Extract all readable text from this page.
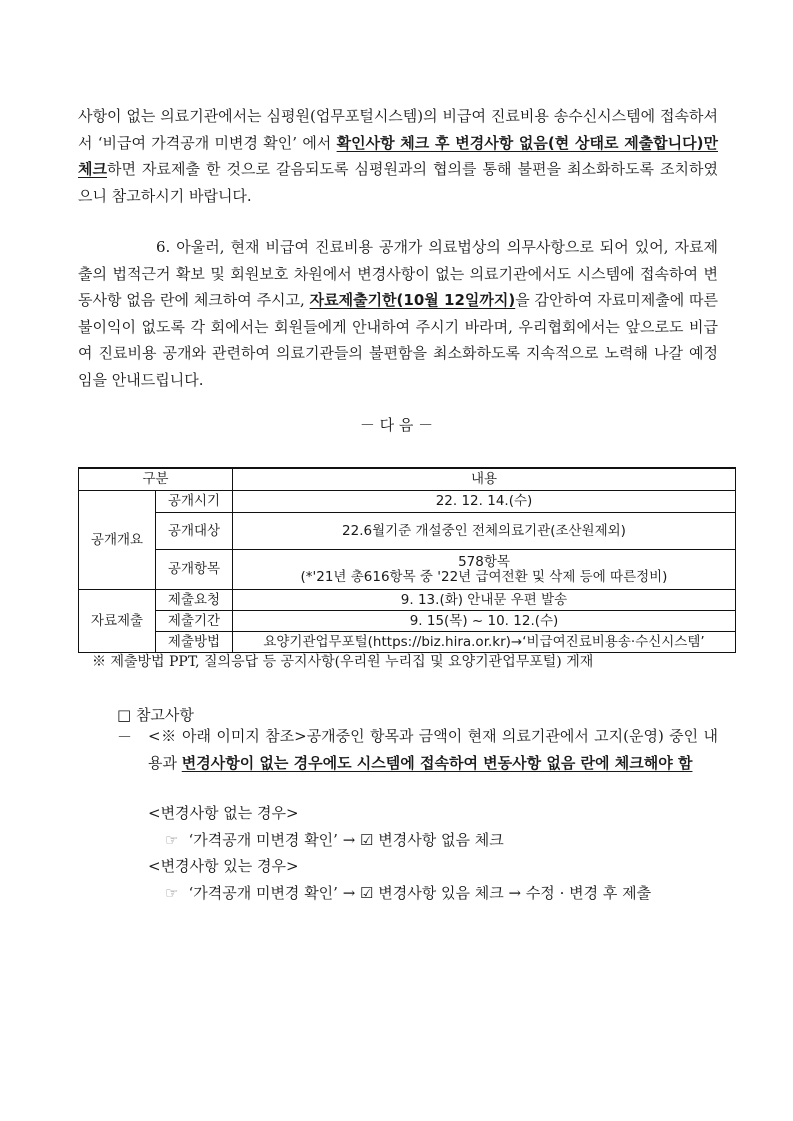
사항이 없는 의료기관에서는 심평원(업무포털시스템)의 비급여 진료비용 송수신시스템에 접속하셔서 ‘비급여 가격공개 미변경 확인’ 에서 확인사항 체크 후 변경사항 없음(현 상태로 제출합니다)만 체크하면 자료제출 한 것으로 갈음되도록 심평원과의 협의를 통해 불편을 최소화하도록 조치하였으니 참고하시기 바랍니다.
6. 아울러, 현재 비급여 진료비용 공개가 의료법상의 의무사항으로 되어 있어, 자료제출의 법적근거 확보 및 회원보호 차원에서 변경사항이 없는 의료기관에서도 시스템에 접속하여 변동사항 없음 란에 체크하여 주시고, 자료제출기한(10월 12일까지)을 감안하여 자료미제출에 따른 불이익이 없도록 각 회에서는 회원들에게 안내하여 주시기 바라며, 우리협회에서는 앞으로도 비급여 진료비용 공개와 관련하여 의료기관들의 불편함을 최소화하도록 지속적으로 노력해 나갈 예정임을 안내드립니다.
－ 다 음 －
구분		내용
공개개요	공개시기	22. 12. 14.(수)
	공개대상	22.6월기준 개설중인 전체의료기관(조산원제외)
	공개항목	578항목
(*'21년 총616항목 중 '22년 급여전환 및 삭제 등에 따른정비)

자료제출	제출요청	9. 13.(화) 안내문 우편 발송
	제출기간	9. 15(목) ~ 10. 12.(수)
	제출방법	요양기관업무포털(https://biz.hira.or.kr)→‘비급여진료비용송·수신시스템’
※ 제출방법 PPT, 질의응답 등 공지사항(우리원 누리집 및 요양기관업무포털) 게재
□ 참고사항
－ <※ 아래 이미지 참조>공개중인 항목과 금액이 현재 의료기관에서 고지(운영) 중인 내용과 변경사항이 없는 경우에도 시스템에 접속하여 변동사항 없음 란에 체크해야 함
<변경사항 없는 경우>
☞ ‘가격공개 미변경 확인’ → ☑ 변경사항 없음 체크
<변경사항 있는 경우>
☞ ‘가격공개 미변경 확인’ → ☑ 변경사항 있음 체크 → 수정 · 변경 후 제출
